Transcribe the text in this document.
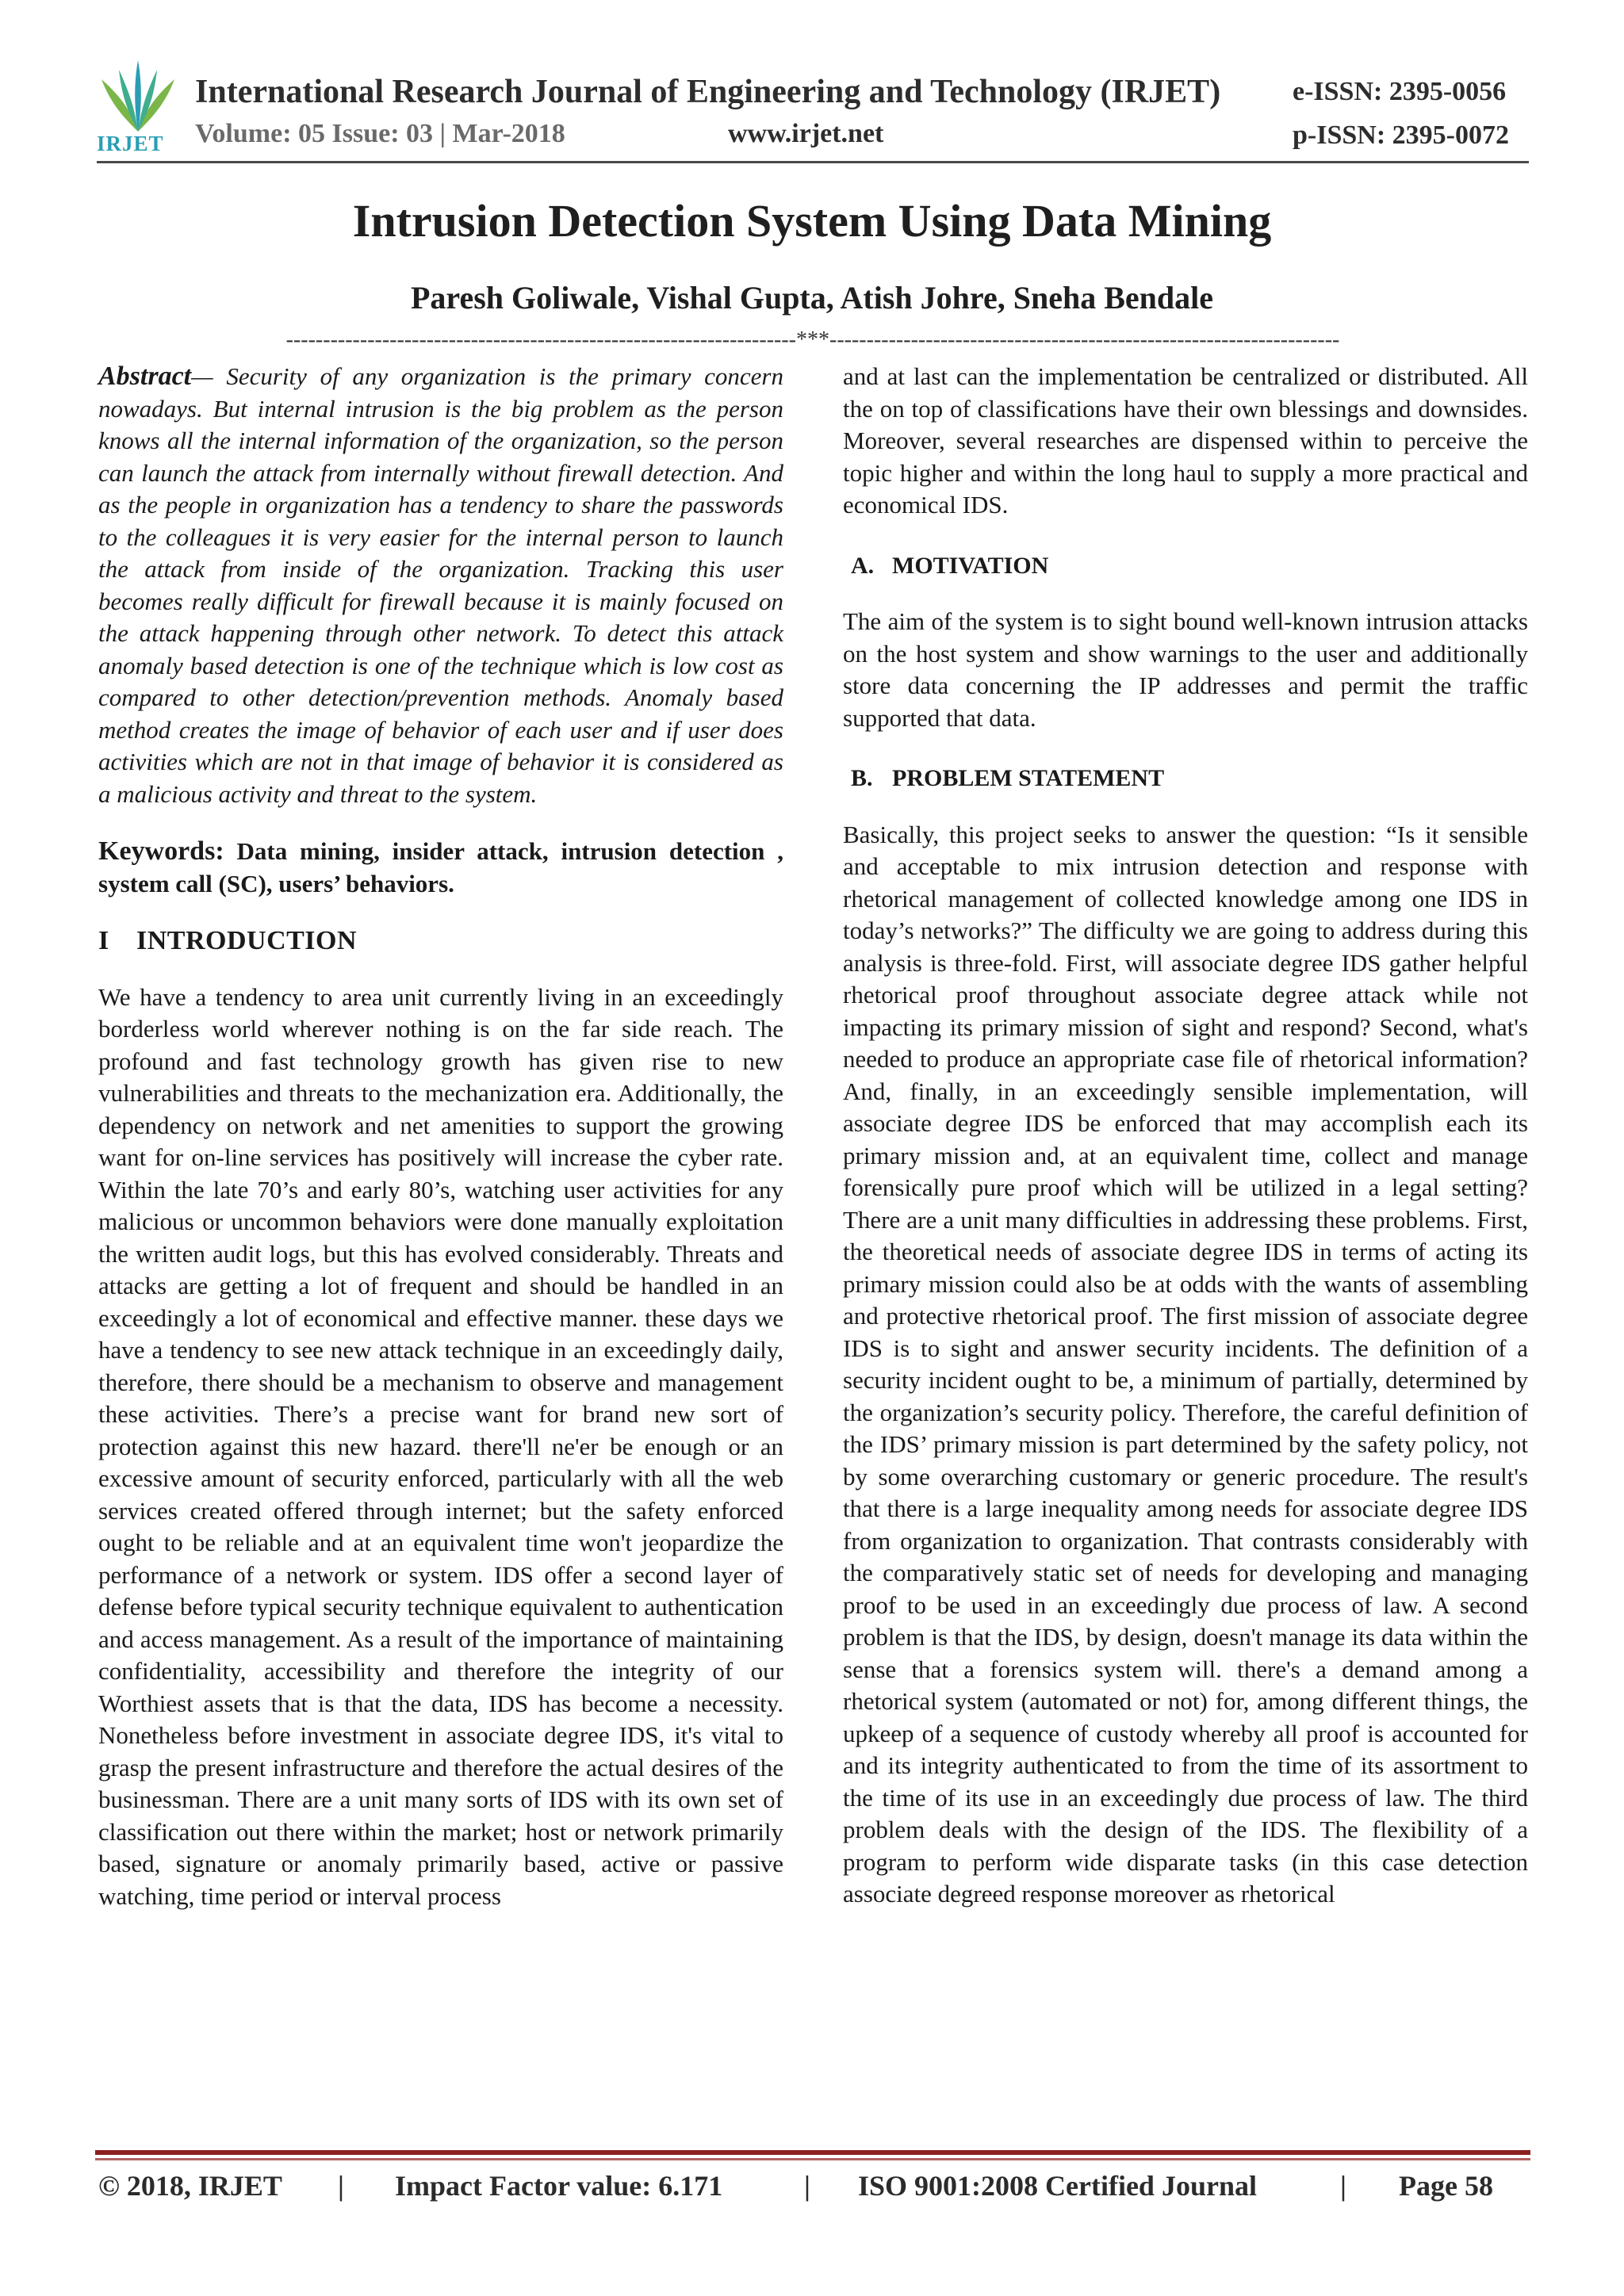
IRJET
International Research Journal of Engineering and Technology (IRJET)
Volume: 05 Issue: 03 | Mar-2018	www.irjet.net
e-ISSN: 2395-0056
p-ISSN: 2395-0072
Intrusion Detection System Using Data Mining
Paresh Goliwale, Vishal Gupta, Atish Johre, Sneha Bendale
---------------------------------------------------------------------***---------------------------------------------------------------------

Abstract— Security of any organization is the primary concern nowadays. But internal intrusion is the big problem as the person knows all the internal information of the organization, so the person can launch the attack from internally without firewall detection. And as the people in organization has a tendency to share the passwords to the colleagues it is very easier for the internal person to launch the attack from inside of the organization. Tracking this user becomes really difficult for firewall because it is mainly focused on the attack happening through other network. To detect this attack anomaly based detection is one of the technique which is low cost as compared to other detection/prevention methods. Anomaly based method creates the image of behavior of each user and if user does activities which are not in that image of behavior it is considered as a malicious activity and threat to the system.

Keywords: Data mining, insider attack, intrusion detection , system call (SC), users’ behaviors.

I INTRODUCTION

We have a tendency to area unit currently living in an exceedingly borderless world wherever nothing is on the far side reach. The profound and fast technology growth has given rise to new vulnerabilities and threats to the mechanization era. Additionally, the dependency on network and net amenities to support the growing want for on-line services has positively will increase the cyber rate. Within the late 70’s and early 80’s, watching user activities for any malicious or uncommon behaviors were done manually exploitation the written audit logs, but this has evolved considerably. Threats and attacks are getting a lot of frequent and should be handled in an exceedingly a lot of economical and effective manner. these days we have a tendency to see new attack technique in an exceedingly daily, therefore, there should be a mechanism to observe and management these activities. There’s a precise want for brand new sort of protection against this new hazard. there'll ne'er be enough or an excessive amount of security enforced, particularly with all the web services created offered through internet; but the safety enforced ought to be reliable and at an equivalent time won't jeopardize the performance of a network or system. IDS offer a second layer of defense before typical security technique equivalent to authentication and access management. As a result of the importance of maintaining confidentiality, accessibility and therefore the integrity of our Worthiest assets that is that the data, IDS has become a necessity. Nonetheless before investment in associate degree IDS, it's vital to grasp the present infrastructure and therefore the actual desires of the businessman. There are a unit many sorts of IDS with its own set of classification out there within the market; host or network primarily based, signature or anomaly primarily based, active or passive watching, time period or interval process

and at last can the implementation be centralized or distributed. All the on top of classifications have their own blessings and downsides. Moreover, several researches are dispensed within to perceive the topic higher and within the long haul to supply a more practical and economical IDS.

A. MOTIVATION

The aim of the system is to sight bound well-known intrusion attacks on the host system and show warnings to the user and additionally store data concerning the IP addresses and permit the traffic supported that data.

B. PROBLEM STATEMENT

Basically, this project seeks to answer the question: “Is it sensible and acceptable to mix intrusion detection and response with rhetorical management of collected knowledge among one IDS in today’s networks?” The difficulty we are going to address during this analysis is three-fold. First, will associate degree IDS gather helpful rhetorical proof throughout associate degree attack while not impacting its primary mission of sight and respond? Second, what's needed to produce an appropriate case file of rhetorical information? And, finally, in an exceedingly sensible implementation, will associate degree IDS be enforced that may accomplish each its primary mission and, at an equivalent time, collect and manage forensically pure proof which will be utilized in a legal setting? There are a unit many difficulties in addressing these problems. First, the theoretical needs of associate degree IDS in terms of acting its primary mission could also be at odds with the wants of assembling and protective rhetorical proof. The first mission of associate degree IDS is to sight and answer security incidents. The definition of a security incident ought to be, a minimum of partially, determined by the organization’s security policy. Therefore, the careful definition of the IDS’ primary mission is part determined by the safety policy, not by some overarching customary or generic procedure. The result's that there is a large inequality among needs for associate degree IDS from organization to organization. That contrasts considerably with the comparatively static set of needs for developing and managing proof to be used in an exceedingly due process of law. A second problem is that the IDS, by design, doesn't manage its data within the sense that a forensics system will. there's a demand among a rhetorical system (automated or not) for, among different things, the upkeep of a sequence of custody whereby all proof is accounted for and its integrity authenticated to from the time of its assortment to the time of its use in an exceedingly due process of law. The third problem deals with the design of the IDS. The flexibility of a program to perform wide disparate tasks (in this case detection associate degreed response moreover as rhetorical

© 2018, IRJET | Impact Factor value: 6.171	| ISO 9001:2008 Certified Journal	| Page 58
